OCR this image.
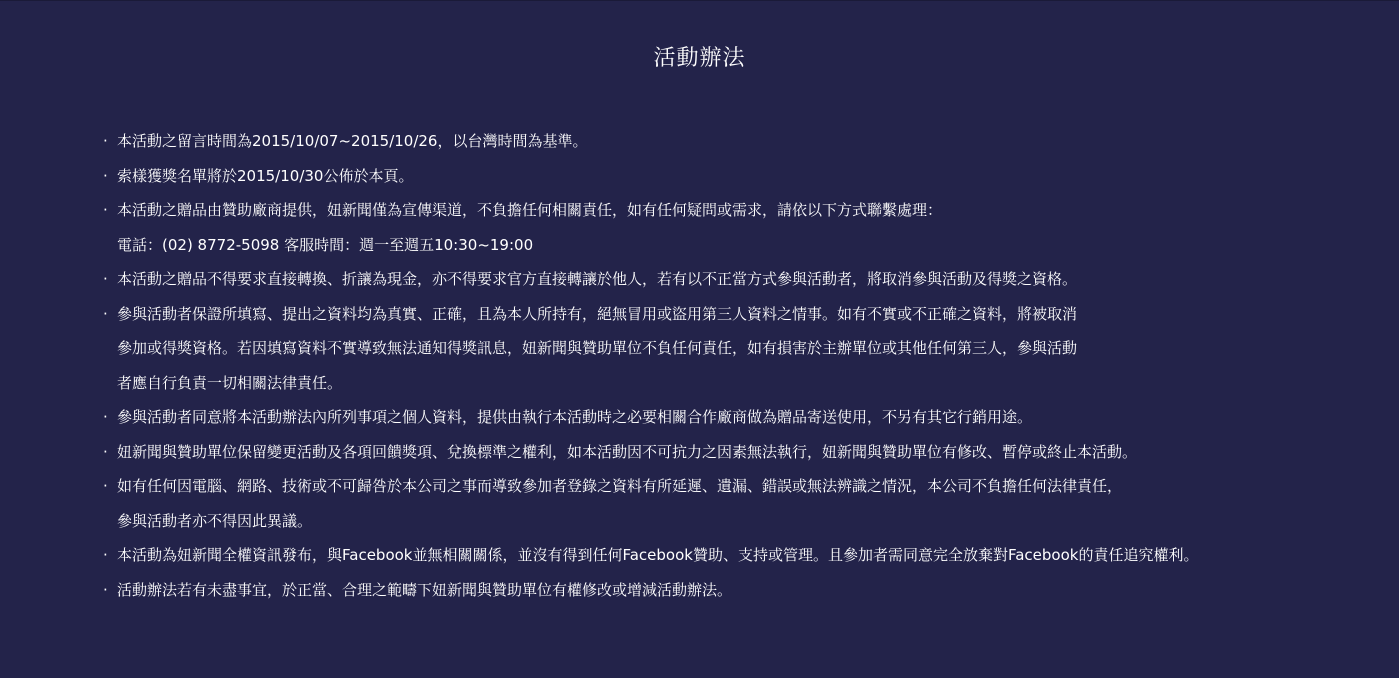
活動辦法
· 本活動之留言時間為2015/10/07~2015/10/26，以台灣時間為基準。
· 索樣獲獎名單將於2015/10/30公佈於本頁。
· 本活動之贈品由贊助廠商提供，妞新聞僅為宣傳渠道，不負擔任何相關責任，如有任何疑問或需求，請依以下方式聯繫處理：
電話：(02) 8772-5098 客服時間：週一至週五10:30~19:00
· 本活動之贈品不得要求直接轉換、折讓為現金，亦不得要求官方直接轉讓於他人，若有以不正當方式參與活動者，將取消參與活動及得獎之資格。
· 參與活動者保證所填寫、提出之資料均為真實、正確，且為本人所持有，絕無冒用或盜用第三人資料之情事。如有不實或不正確之資料，將被取消
參加或得獎資格。若因填寫資料不實導致無法通知得獎訊息，妞新聞與贊助單位不負任何責任，如有損害於主辦單位或其他任何第三人，參與活動
者應自行負責一切相關法律責任。
· 參與活動者同意將本活動辦法內所列事項之個人資料，提供由執行本活動時之必要相關合作廠商做為贈品寄送使用，不另有其它行銷用途。
· 妞新聞與贊助單位保留變更活動及各項回饋獎項、兌換標準之權利，如本活動因不可抗力之因素無法執行，妞新聞與贊助單位有修改、暫停或終止本活動。
· 如有任何因電腦、網路、技術或不可歸咎於本公司之事而導致參加者登錄之資料有所延遲、遺漏、錯誤或無法辨識之情況，本公司不負擔任何法律責任，
參與活動者亦不得因此異議。
· 本活動為妞新聞全權資訊發布，與Facebook並無相關關係，並沒有得到任何Facebook贊助、支持或管理。且參加者需同意完全放棄對Facebook的責任追究權利。
· 活動辦法若有未盡事宜，於正當、合理之範疇下妞新聞與贊助單位有權修改或增減活動辦法。
